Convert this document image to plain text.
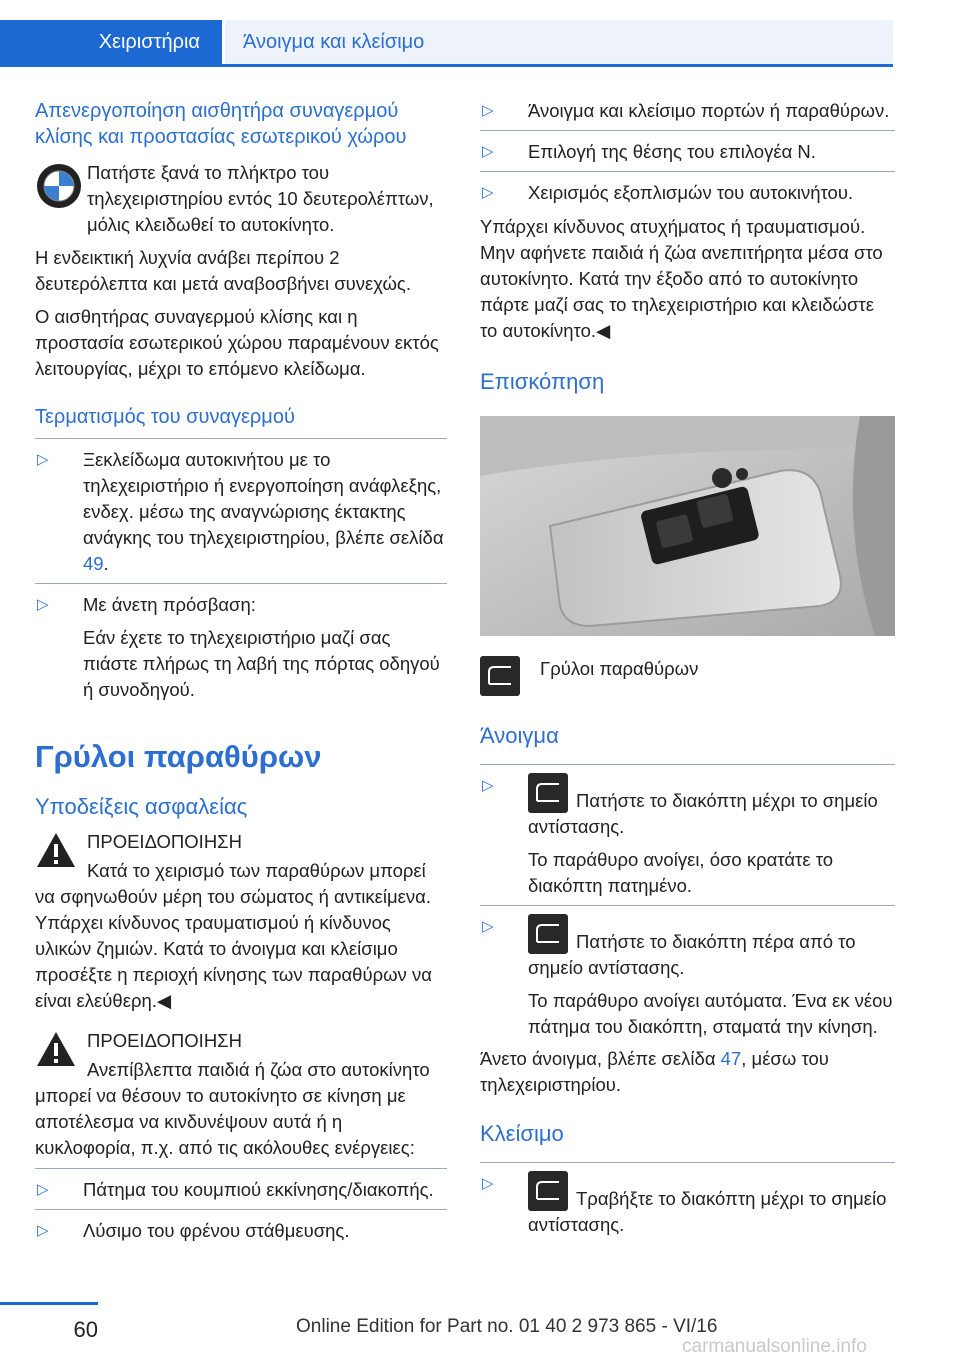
Χειριστήρια Άνοιγμα και κλείσιμο
Απενεργοποίηση αισθητήρα συναγερμού κλίσης και προστασίας εσωτερικού χώρου
Πατήστε ξανά το πλήκτρο του τηλεχειριστηρίου εντός 10 δευτερολέπτων, μόλις κλειδωθεί το αυτοκίνητο.

Η ενδεικτική λυχνία ανάβει περίπου 2 δευτερόλεπτα και μετά αναβοσβήνει συνεχώς.

Ο αισθητήρας συναγερμού κλίσης και η προστασία εσωτερικού χώρου παραμένουν εκτός λειτουργίας, μέχρι το επόμενο κλείδωμα.

Τερματισμός του συναγερμού
▷ Ξεκλείδωμα αυτοκινήτου με το τηλεχειριστήριο ή ενεργοποίηση ανάφλεξης, ενδεχ. μέσω της αναγνώρισης έκτακτης ανάγκης του τηλεχειριστηρίου, βλέπε σελίδα 49.
▷ Με άνετη πρόσβαση:
Εάν έχετε το τηλεχειριστήριο μαζί σας πιάστε πλήρως τη λαβή της πόρτας οδηγού ή συνοδηγού.
Γρύλοι παραθύρων
Υποδείξεις ασφαλείας
ΠΡΟΕΙΔΟΠΟΙΗΣΗ

Κατά το χειρισμό των παραθύρων μπορεί να σφηνωθούν μέρη του σώματος ή αντικείμενα. Υπάρχει κίνδυνος τραυματισμού ή κίνδυνος υλικών ζημιών. Κατά το άνοιγμα και κλείσιμο προσέξτε η περιοχή κίνησης των παραθύρων να είναι ελεύθερη.◀

ΠΡΟΕΙΔΟΠΟΙΗΣΗ

Ανεπίβλεπτα παιδιά ή ζώα στο αυτοκίνητο μπορεί να θέσουν το αυτοκίνητο σε κίνηση με αποτέλεσμα να κινδυνέψουν αυτά ή η κυκλοφορία, π.χ. από τις ακόλουθες ενέργειες:

▷ Πάτημα του κουμπιού εκκίνησης/διακοπής.
▷ Λύσιμο του φρένου στάθμευσης.
▷ Άνοιγμα και κλείσιμο πορτών ή παραθύρων.
▷ Επιλογή της θέσης του επιλογέα N.
▷ Χειρισμός εξοπλισμών του αυτοκινήτου.

Υπάρχει κίνδυνος ατυχήματος ή τραυματισμού. Μην αφήνετε παιδιά ή ζώα ανεπιτήρητα μέσα στο αυτοκίνητο. Κατά την έξοδο από το αυτοκίνητο πάρτε μαζί σας το τηλεχειριστήριο και κλειδώστε το αυτοκίνητο.◀

Επισκόπηση
Γρύλοι παραθύρων
Άνοιγμα
▷
Πατήστε το διακόπτη μέχρι το σημείο αντίστασης.
Το παράθυρο ανοίγει, όσο κρατάτε το διακόπτη πατημένο.
▷
Πατήστε το διακόπτη πέρα από το σημείο αντίστασης.
Το παράθυρο ανοίγει αυτόματα. Ένα εκ νέου πάτημα του διακόπτη, σταματά την κίνηση.

Άνετο άνοιγμα, βλέπε σελίδα 47, μέσω του τηλεχειριστηρίου.

Κλείσιμο
▷
Τραβήξτε το διακόπτη μέχρι το σημείο αντίστασης.
60	Online Edition for Part no. 01 40 2 973 865 - VI/16
carmanualsonline.info
